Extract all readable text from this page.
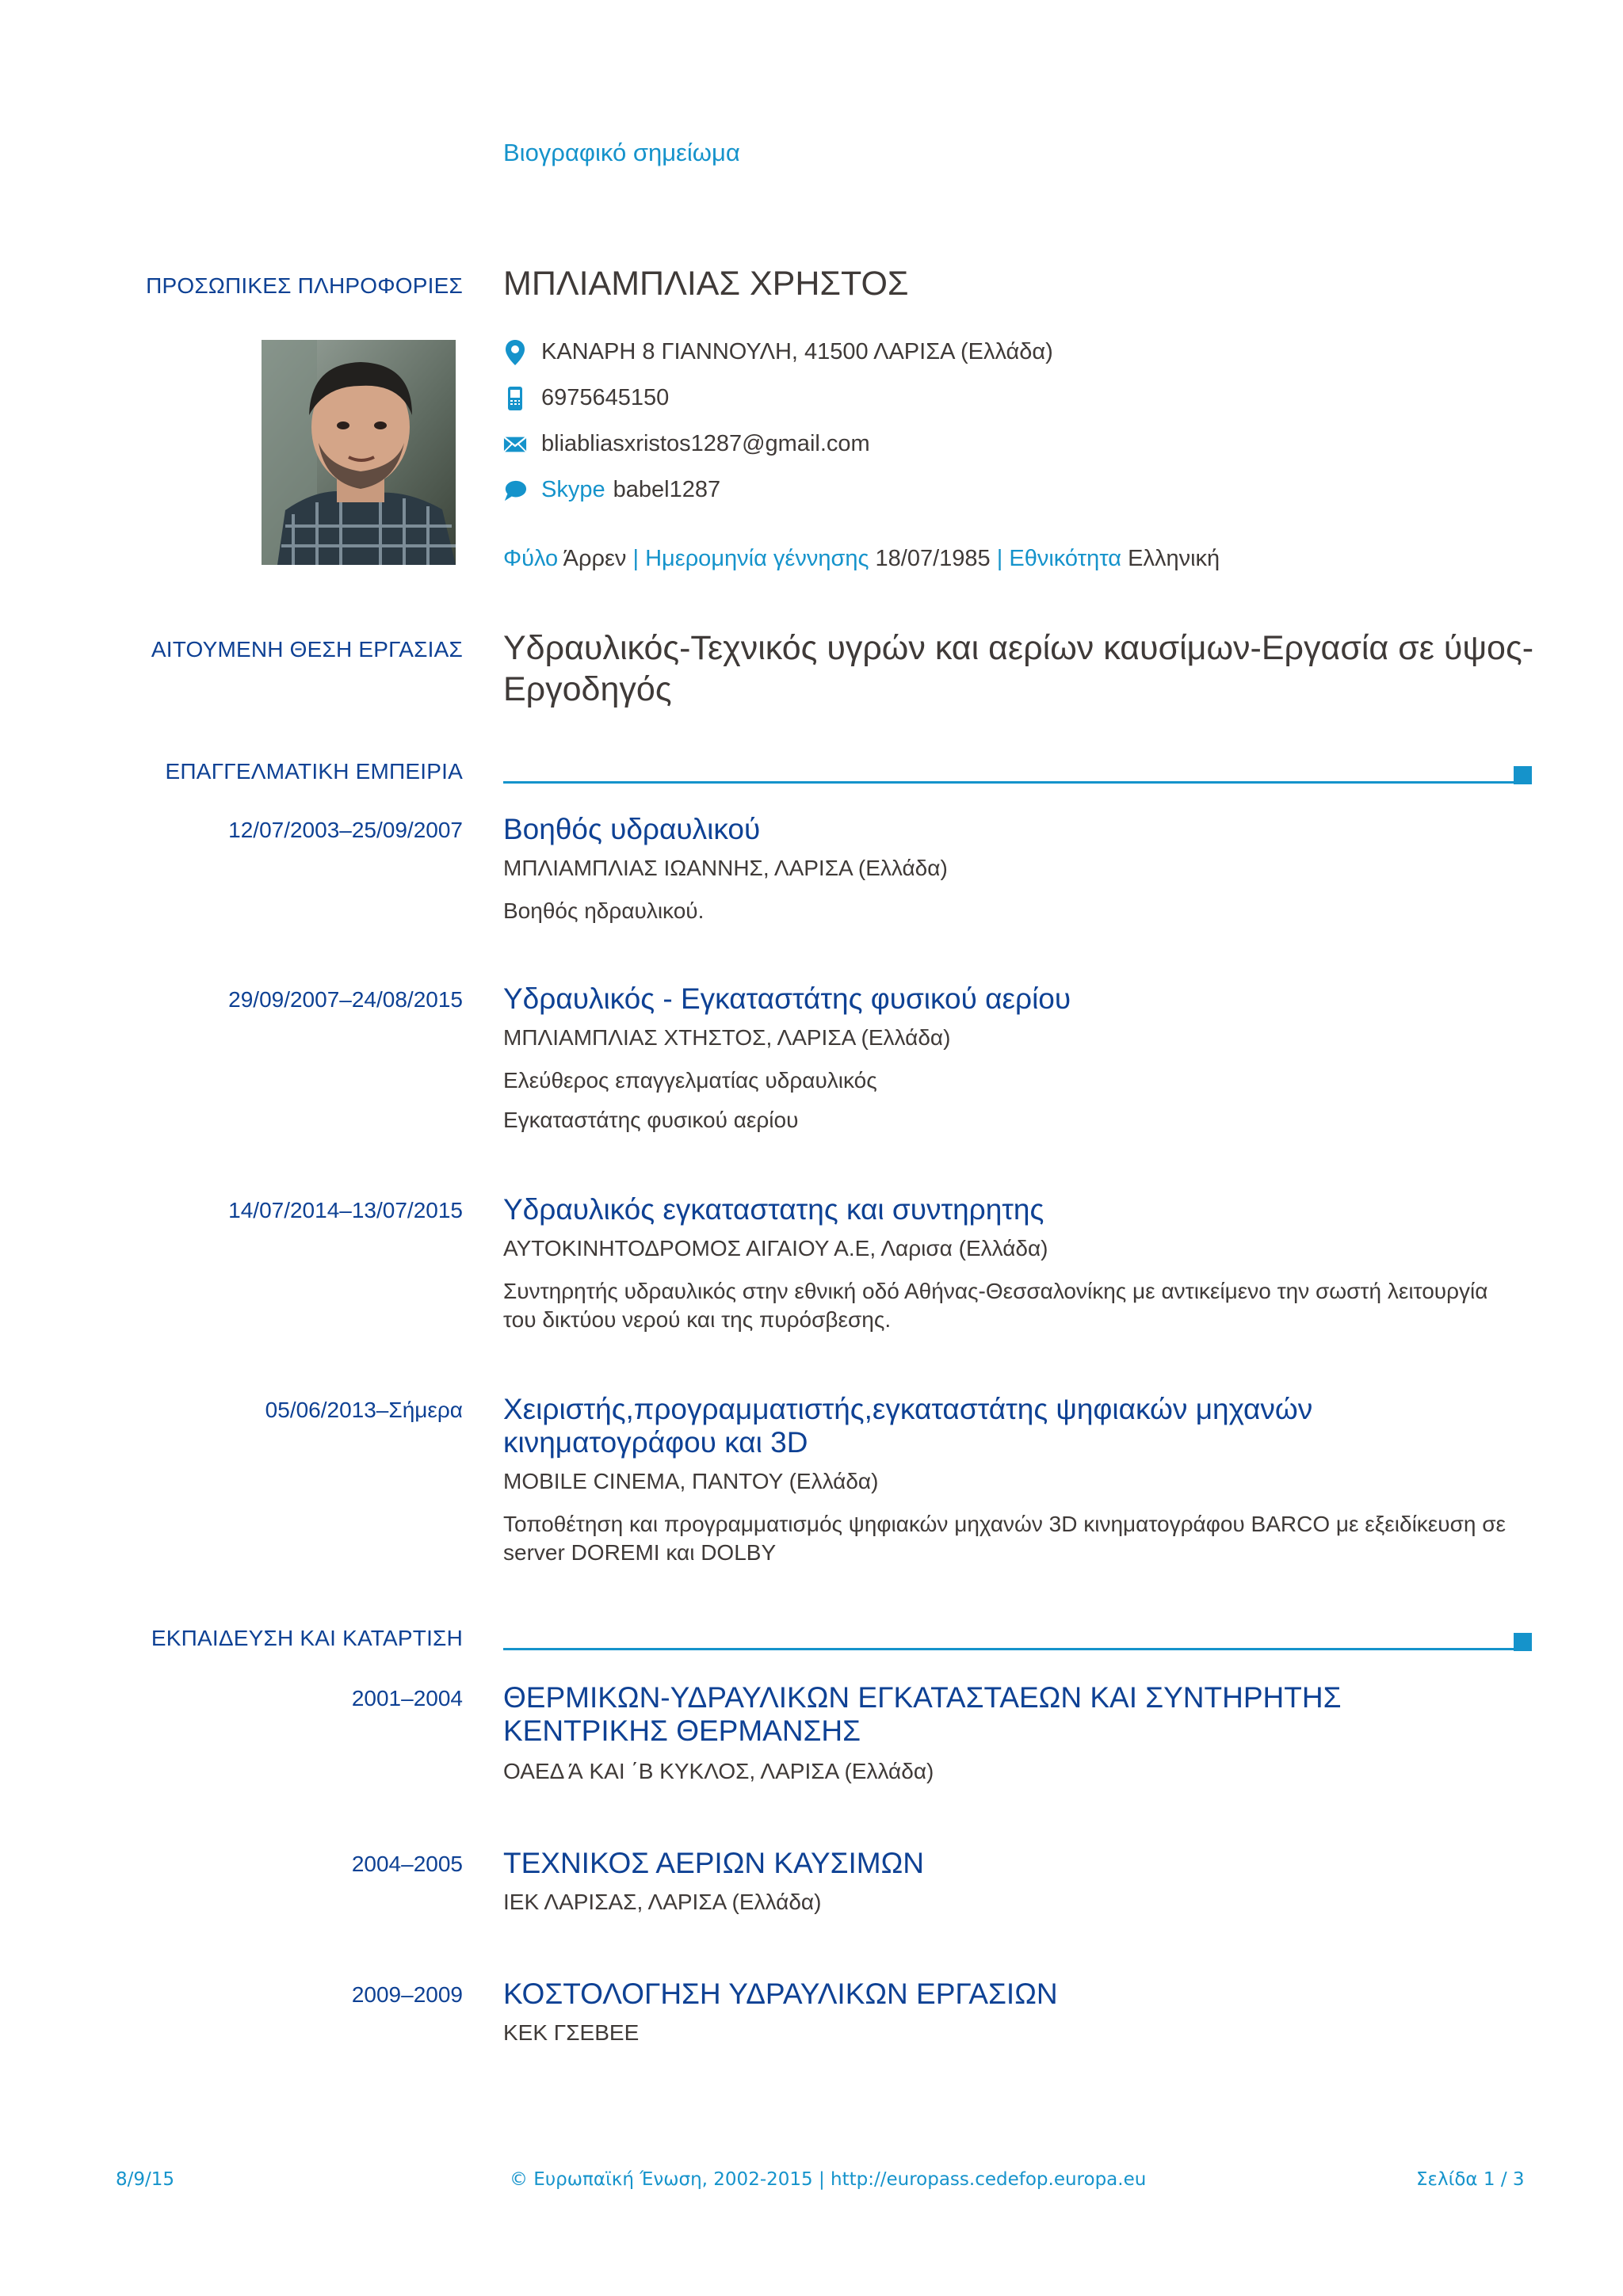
Βιογραφικό σημείωμα
ΠΡΟΣΩΠΙΚΕΣ ΠΛΗΡΟΦΟΡΙΕΣ ΜΠΛΙΑΜΠΛΙΑΣ ΧΡΗΣΤΟΣ
ΚΑΝΑΡΗ 8 ΓΙΑΝΝΟΥΛΗ, 41500 ΛΑΡΙΣΑ (Ελλάδα)
6975645150
bliabliasxristos1287@gmail.com
Skype babel1287
Φύλο Άρρεν | Ημερομηνία γέννησης 18/07/1985 | Εθνικότητα Ελληνική
ΑΙΤΟΥΜΕΝΗ ΘΕΣΗ ΕΡΓΑΣΙΑΣ Υδραυλικός-Τεχνικός υγρών και αερίων καυσίμων-Εργασία σε ύψος-Εργοδηγός
ΕΠΑΓΓΕΛΜΑΤΙΚΗ ΕΜΠΕΙΡΙΑ
12/07/2003–25/09/2007 Βοηθός υδραυλικού
ΜΠΛΙΑΜΠΛΙΑΣ ΙΩΑΝΝΗΣ, ΛΑΡΙΣΑ (Ελλάδα)
Βοηθός ηδραυλικού.
29/09/2007–24/08/2015 Υδραυλικός - Εγκαταστάτης φυσικού αερίου
ΜΠΛΙΑΜΠΛΙΑΣ ΧΤΗΣΤΟΣ, ΛΑΡΙΣΑ (Ελλάδα)
Ελεύθερος επαγγελματίας υδραυλικός
Εγκαταστάτης φυσικού αερίου
14/07/2014–13/07/2015 Υδραυλικός εγκαταστατης και συντηρητης
ΑΥΤΟΚΙΝΗΤΟΔΡΟΜΟΣ ΑΙΓΑΙΟΥ Α.Ε, Λαρισα (Ελλάδα)
Συντηρητής υδραυλικός στην εθνική οδό Αθήνας-Θεσσαλονίκης με αντικείμενο την σωστή λειτουργία του δικτύου νερού και της πυρόσβεσης.
05/06/2013–Σήμερα Χειριστής,προγραμματιστής,εγκαταστάτης ψηφιακών μηχανών κινηματογράφου και 3D
MOBILE CINEMA, ΠΑΝΤΟΥ (Ελλάδα)
Τοποθέτηση και προγραμματισμός ψηφιακών μηχανών 3D κινηματογράφου BARCO με εξειδίκευση σε server DOREMI και DOLBY
ΕΚΠΑΙΔΕΥΣΗ ΚΑΙ ΚΑΤΑΡΤΙΣΗ
2001–2004 ΘΕΡΜΙΚΩΝ-ΥΔΡΑΥΛΙΚΩΝ ΕΓΚΑΤΑΣΤΑΕΩΝ ΚΑΙ ΣΥΝΤΗΡΗΤΗΣ ΚΕΝΤΡΙΚΗΣ ΘΕΡΜΑΝΣΗΣ
ΟΑΕΔ Ά ΚΑΙ ΄Β ΚΥΚΛΟΣ, ΛΑΡΙΣΑ (Ελλάδα)
2004–2005 ΤΕΧΝΙΚΟΣ ΑΕΡΙΩΝ ΚΑΥΣΙΜΩΝ
ΙΕΚ ΛΑΡΙΣΑΣ, ΛΑΡΙΣΑ (Ελλάδα)
2009–2009 ΚΟΣΤΟΛΟΓΗΣΗ ΥΔΡΑΥΛΙΚΩΝ ΕΡΓΑΣΙΩΝ
ΚΕΚ ΓΣΕΒΕΕ
8/9/15	© Ευρωπαϊκή Ένωση, 2002-2015 | http://europass.cedefop.europa.eu	Σελίδα 1 / 3
